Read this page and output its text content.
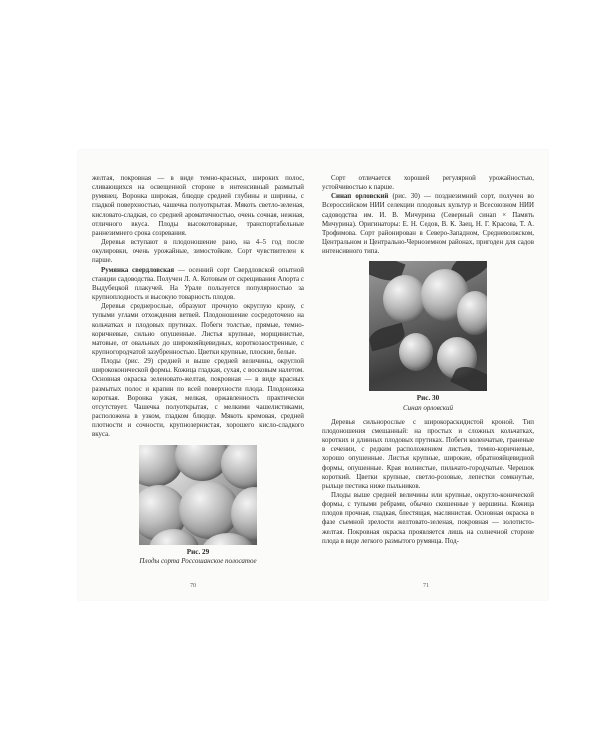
желтая, покровная — в виде темно-красных, широких полос, сливающихся на освещенной стороне в интенсивный размытый румянец. Воронка широкая, блюдце средней глубины и ширины, с гладкой поверхностью, чашечка полуоткрытая. Мякоть светло-зеленая, кисловато-сладкая, со средней ароматичностью, очень сочная, нежная, отличного вкуса. Плоды высокотоварные, транспортабельные раннезимнего срока созревания.

Деревья вступают в плодоношение рано, на 4–5 год после окулировки, очень урожайные, зимостойкие. Сорт чувствителен к парше.

Румянка свердловская — осенний сорт Свердловской опытной станции садоводства. Получен Л. А. Котовым от скрещивания Апорта с Выдубецкой плакучей. На Урале пользуется популярностью за крупноплодность и высокую товарность плодов.

Деревья среднерослые, образуют прочную округлую крону, с тупыми углами отхождения ветвей. Плодоношение сосредоточено на кольчатках и плодовых прутиках. Побеги толстые, прямые, темно-коричневые, сильно опушенные. Листья крупные, морщинистые, матовые, от овальных до широкояйцевидных, короткозаостренные, с крупногородчатой зазубренностью. Цветки крупные, плоские, белые.

Плоды (рис. 29) средней и выше средней величины, округлой ширококонической формы. Кожица гладкая, сухая, с восковым налетом. Основная окраска зеленовато-желтая, покровная — в виде красных размытых полос и крапин по всей поверхности плода. Плодоножка короткая. Воронка узкая, мелкая, оржавленность практически отсутствует. Чашечка полуоткрытая, с мелкими чашелистиками, расположена в узком, гладком блюдце. Мякоть кремовая, средней плотности и сочности, крупнозернистая, хорошего кисло-сладкого вкуса.

Рис. 29
Плоды сорта Россошанское полосатое

Сорт отличается хорошей регулярной урожайностью, устойчивостью к парше.

Синап орловский (рис. 30) — позднезимний сорт, получен во Всероссийском НИИ селекции плодовых культур и Всесоюзном НИИ садоводства им. И. В. Мичурина (Северный синап × Память Мичурина). Оригинаторы: Е. Н. Седов, В. К. Заец, Н. Г. Красова, Т. А. Трофимова. Сорт районирован в Северо-Западном, Средневолжском, Центральном и Центрально-Черноземном районах, пригоден для садов интенсивного типа.

Рис. 30
Синап орловский

Деревья сильнорослые с широкораскидистой кроной. Тип плодоношения смешанный: на простых и сложных кольчатках, коротких и длинных плодовых прутиках. Побеги коленчатые, граненые в сечении, с редким расположением листьев, темно-коричневые, хорошо опушенные. Листья крупные, широкие, обратнояйцевидной формы, опушенные. Края волнистые, пильчато-городчатые. Черешок короткий. Цветки крупные, светло-розовые, лепестки сомкнутые, рыльце пестика ниже пыльников.

Плоды выше средней величины или крупные, округло-конической формы, с тупыми ребрами, обычно скошенные у вершины. Кожица плодов прочная, гладкая, блестящая, маслянистая. Основная окраска в фазе съемной зрелости желтовато-зеленая, покровная — золотисто-желтая. Покровная окраска проявляется лишь на солнечной стороне плода в виде легкого размытого румянца. Под-

70	71
